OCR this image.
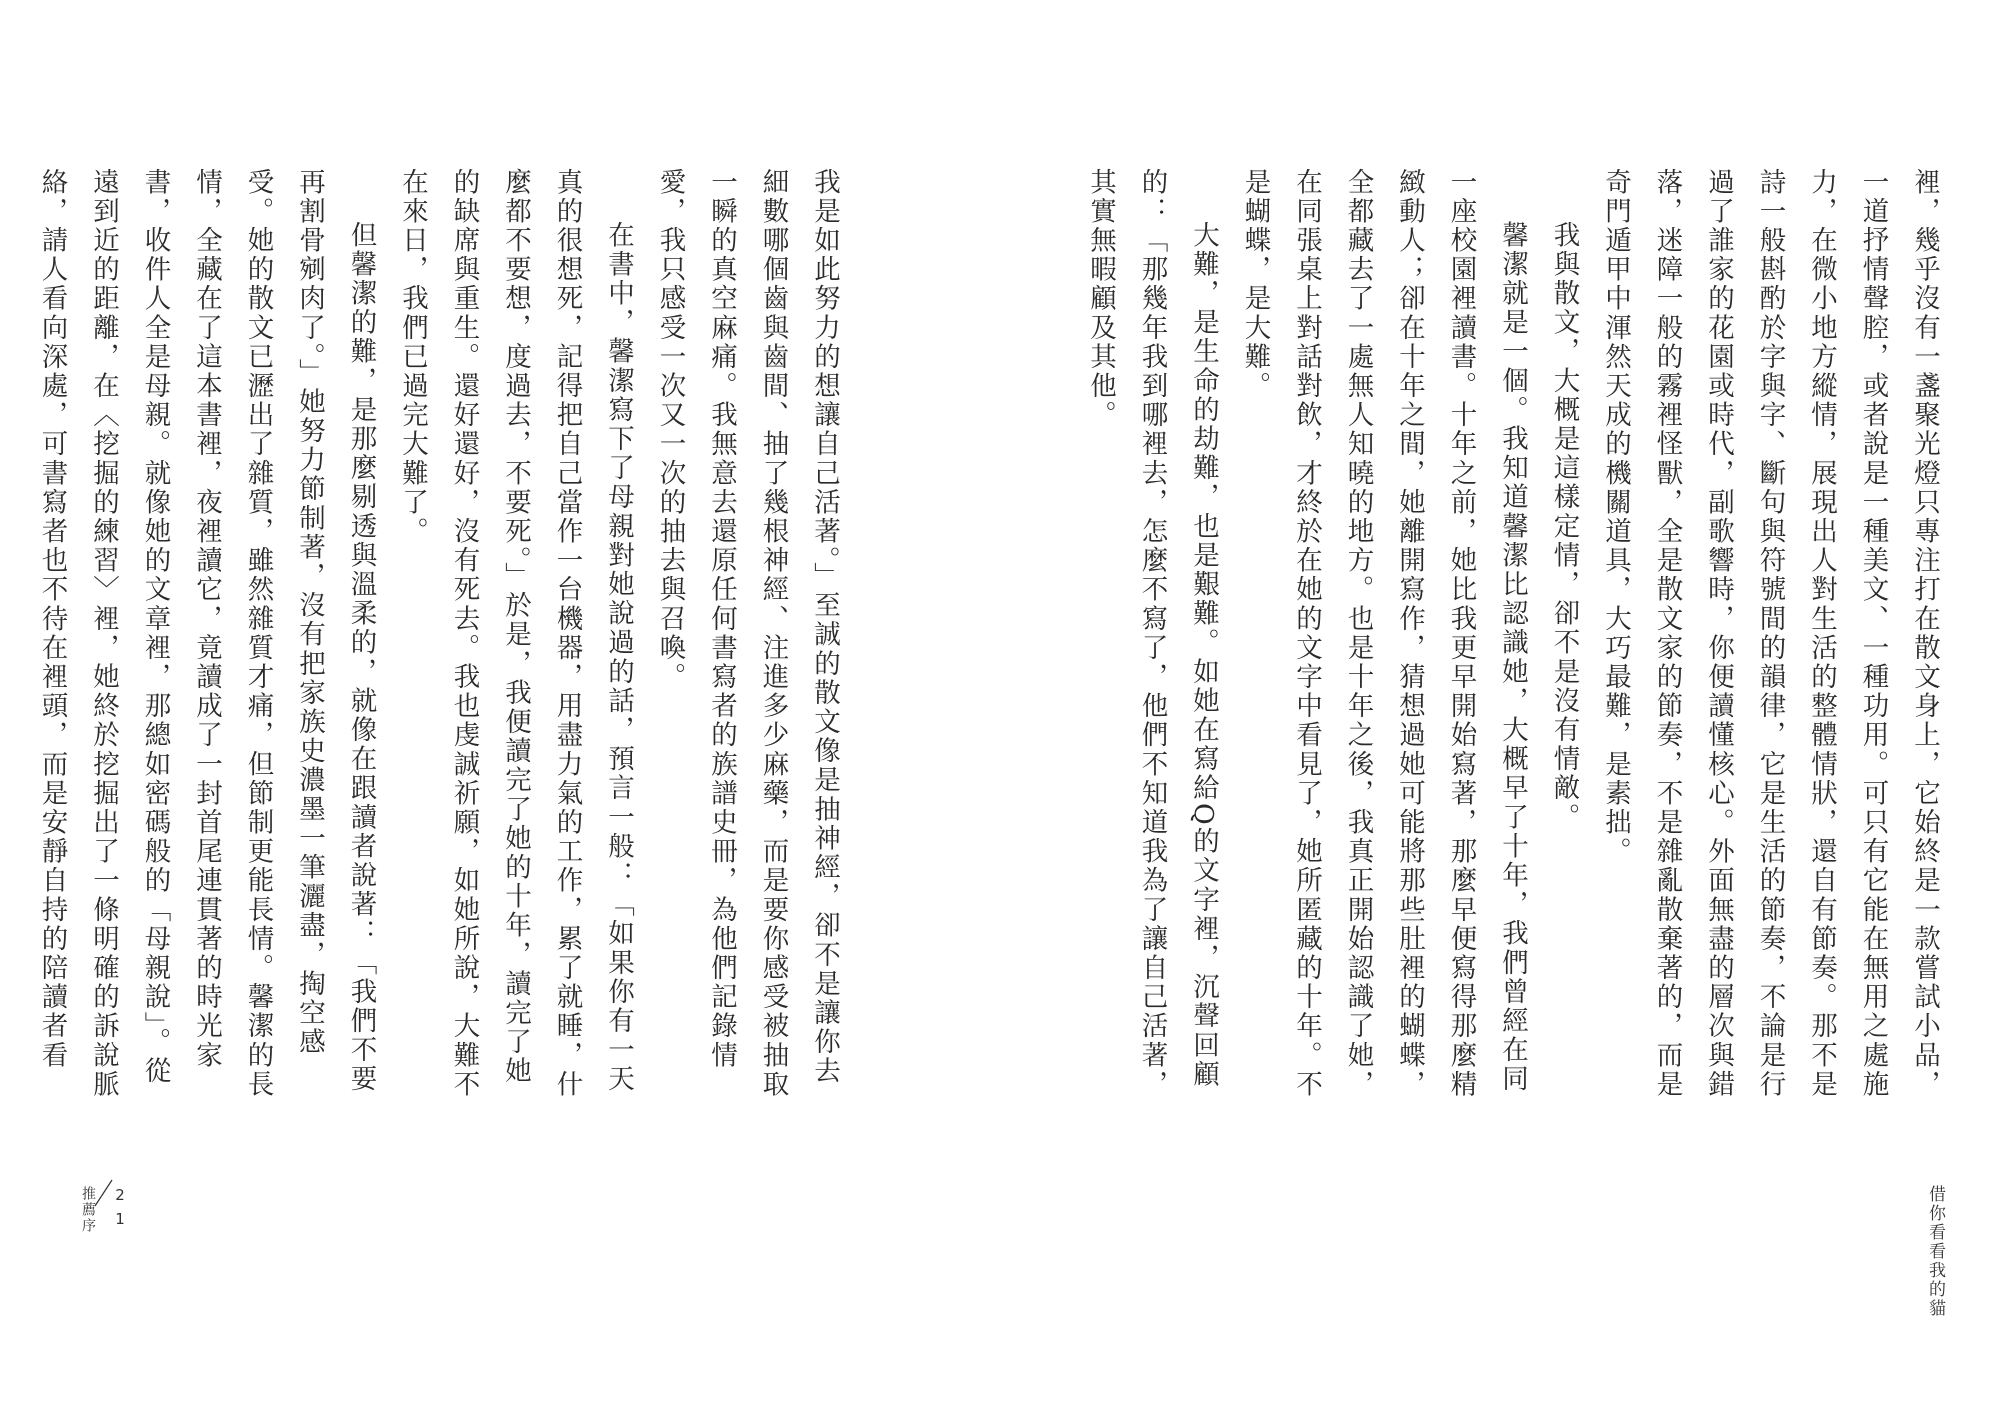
我是如此努力的想讓自己活著。」至誠的散文像是抽神經，卻不是讓你去細數哪個齒與齒間、抽了幾根神經、注進多少麻藥，而是要你感受被抽取一瞬的真空麻痛。我無意去還原任何書寫者的族譜史冊，為他們記錄情愛，我只感受一次又一次的抽去與召喚。

在書中，馨潔寫下了母親對她說過的話，預言一般：「如果你有一天真的很想死，記得把自己當作一台機器，用盡力氣的工作，累了就睡，什麼都不要想，度過去，不要死。」於是，我便讀完了她的十年，讀完了她的缺席與重生。還好還好，沒有死去。我也虔誠祈願，如她所說，大難不在來日，我們已過完大難了。

但馨潔的難，是那麼剔透與溫柔的，就像在跟讀者說著：「我們不要再割骨剜肉了。」她努力節制著，沒有把家族史濃墨一筆灑盡，掏空感受。她的散文已瀝出了雜質，雖然雜質才痛，但節制更能長情。馨潔的長情，全藏在了這本書裡，夜裡讀它，竟讀成了一封首尾連貫著的時光家書，收件人全是母親。就像她的文章裡，那總如密碼般的「母親說」。從遠到近的距離，在〈挖掘的練習〉裡，她終於挖掘出了一條明確的訴說脈絡，請人看向深處，可書寫者也不待在裡頭，而是安靜自持的陪讀者看

推薦序 21

裡，幾乎沒有一盞聚光燈只專注打在散文身上，它始終是一款嘗試小品，一道抒情聲腔，或者說是一種美文、一種功用。可只有它能在無用之處施力，在微小地方縱情，展現出人對生活的整體情狀，還自有節奏。那不是詩一般斟酌於字與字、斷句與符號間的韻律，它是生活的節奏，不論是行過了誰家的花園或時代，副歌響時，你便讀懂核心。外面無盡的層次與錯落，迷障一般的霧裡怪獸，全是散文家的節奏，不是雜亂散棄著的，而是奇門遁甲中渾然天成的機關道具，大巧最難，是素拙。

我與散文，大概是這樣定情，卻不是沒有情敵。

馨潔就是一個。我知道馨潔比認識她，大概早了十年，我們曾經在同一座校園裡讀書。十年之前，她比我更早開始寫著，那麼早便寫得那麼精緻動人；卻在十年之間，她離開寫作，猜想過她可能將那些肚裡的蝴蝶，全都藏去了一處無人知曉的地方。也是十年之後，我真正開始認識了她，在同張桌上對話對飲，才終於在她的文字中看見了，她所匿藏的十年。不是蝴蝶，是大難。

大難，是生命的劫難，也是艱難。如她在寫給Q的文字裡，沉聲回顧的：「那幾年我到哪裡去，怎麼不寫了，他們不知道我為了讓自己活著，其實無暇顧及其他。

借你看看我的貓
